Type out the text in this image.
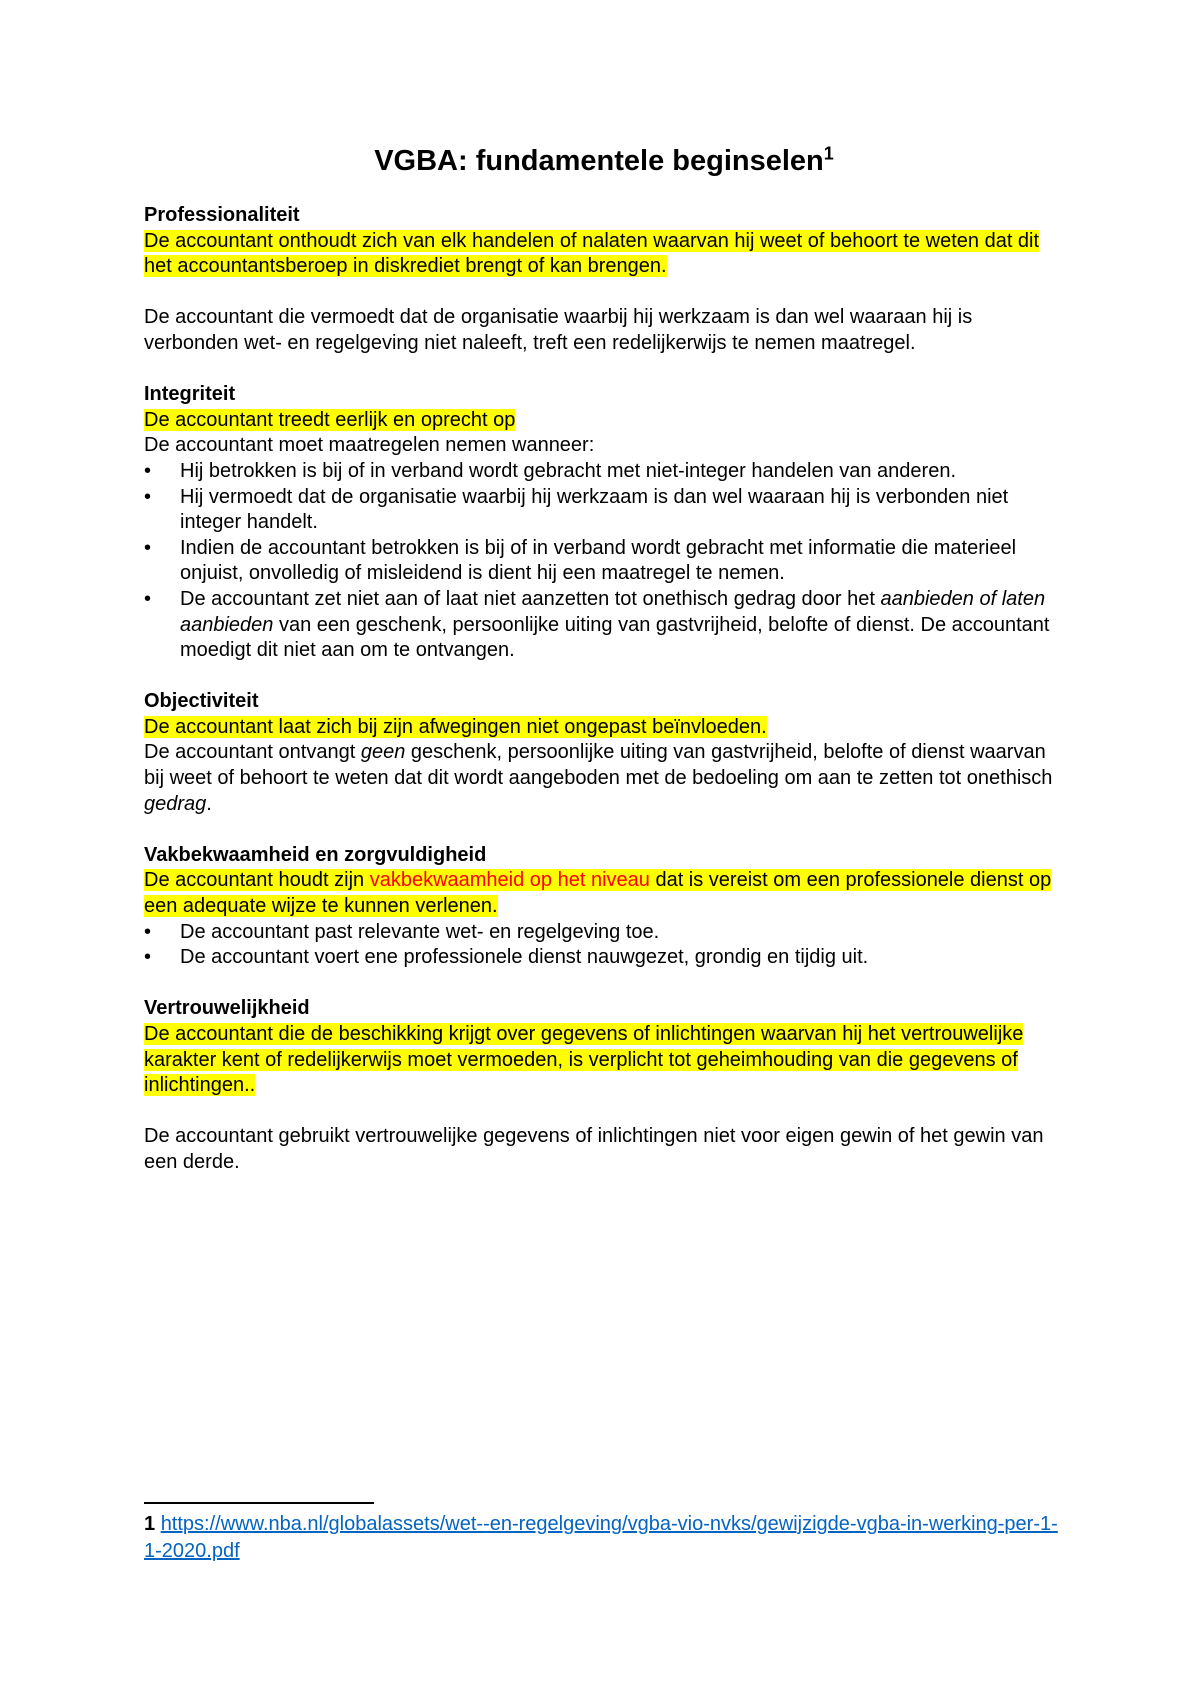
VGBA: fundamentele beginselen$^1$

Professionaliteit

De accountant onthoudt zich van elk handelen of nalaten waarvan hij weet of behoort te weten dat dit het accountantsberoep in diskrediet brengt of kan brengen.

De accountant die vermoedt dat de organisatie waarbij hij werkzaam is dan wel waaraan hij is verbonden wet- en regelgeving niet naleeft, treft een redelijkerwijs te nemen maatregel.

Integriteit

De accountant treedt eerlijk en oprecht op

De accountant moet maatregelen nemen wanneer:

• Hij betrokken is bij of in verband wordt gebracht met niet-integer handelen van anderen.
• Hij vermoedt dat de organisatie waarbij hij werkzaam is dan wel waaraan hij is verbonden niet integer handelt.
• Indien de accountant betrokken is bij of in verband wordt gebracht met informatie die materieel onjuist, onvolledig of misleidend is dient hij een maatregel te nemen.
• De accountant zet niet aan of laat niet aanzetten tot onethisch gedrag door het aanbieden of laten aanbieden van een geschenk, persoonlijke uiting van gastvrijheid, belofte of dienst. De accountant moedigt dit niet aan om te ontvangen.

Objectiviteit

De accountant laat zich bij zijn afwegingen niet ongepast beïnvloeden.

De accountant ontvangt geen geschenk, persoonlijke uiting van gastvrijheid, belofte of dienst waarvan bij weet of behoort te weten dat dit wordt aangeboden met de bedoeling om aan te zetten tot onethisch gedrag.

Vakbekwaamheid en zorgvuldigheid

De accountant houdt zijn vakbekwaamheid op het niveau dat is vereist om een professionele dienst op een adequate wijze te kunnen verlenen.

• De accountant past relevante wet- en regelgeving toe.
• De accountant voert ene professionele dienst nauwgezet, grondig en tijdig uit.

Vertrouwelijkheid

De accountant die de beschikking krijgt over gegevens of inlichtingen waarvan hij het vertrouwelijke karakter kent of redelijkerwijs moet vermoeden, is verplicht tot geheimhouding van die gegevens of inlichtingen..

De accountant gebruikt vertrouwelijke gegevens of inlichtingen niet voor eigen gewin of het gewin van een derde.

1 https://www.nba.nl/globalassets/wet--en-regelgeving/vgba-vio-nvks/gewijzigde-vgba-in-werking-per-1-1-2020.pdf
